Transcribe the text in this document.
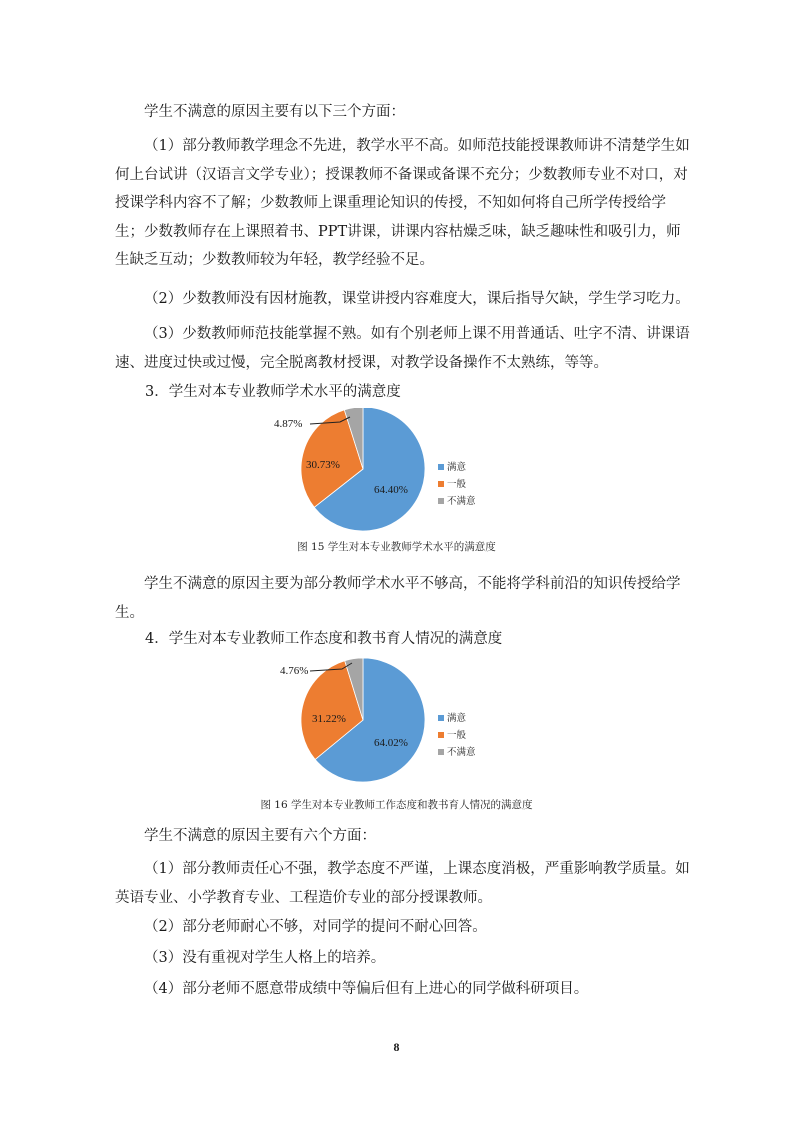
学生不满意的原因主要有以下三个方面：

（1）部分教师教学理念不先进，教学水平不高。如师范技能授课教师讲不清楚学生如何上台试讲（汉语言文学专业）；授课教师不备课或备课不充分；少数教师专业不对口，对授课学科内容不了解；少数教师上课重理论知识的传授，不知如何将自己所学传授给学生；少数教师存在上课照着书、PPT讲课，讲课内容枯燥乏味，缺乏趣味性和吸引力，师生缺乏互动；少数教师较为年轻，教学经验不足。

（2）少数教师没有因材施教，课堂讲授内容难度大，课后指导欠缺，学生学习吃力。

（3）少数教师师范技能掌握不熟。如有个别老师上课不用普通话、吐字不清、讲课语速、进度过快或过慢，完全脱离教材授课，对教学设备操作不太熟练，等等。

3．学生对本专业教师学术水平的满意度

64.40%
30.73%
4.87%
满意
一般
不满意
图 15 学生对本专业教师学术水平的满意度

学生不满意的原因主要为部分教师学术水平不够高，不能将学科前沿的知识传授给学生。

4．学生对本专业教师工作态度和教书育人情况的满意度

64.02%
31.22%
4.76%
满意
一般
不满意
图 16 学生对本专业教师工作态度和教书育人情况的满意度

学生不满意的原因主要有六个方面：

（1）部分教师责任心不强，教学态度不严谨，上课态度消极，严重影响教学质量。如英语专业、小学教育专业、工程造价专业的部分授课教师。

（2）部分老师耐心不够，对同学的提问不耐心回答。

（3）没有重视对学生人格上的培养。

（4）部分老师不愿意带成绩中等偏后但有上进心的同学做科研项目。

8
